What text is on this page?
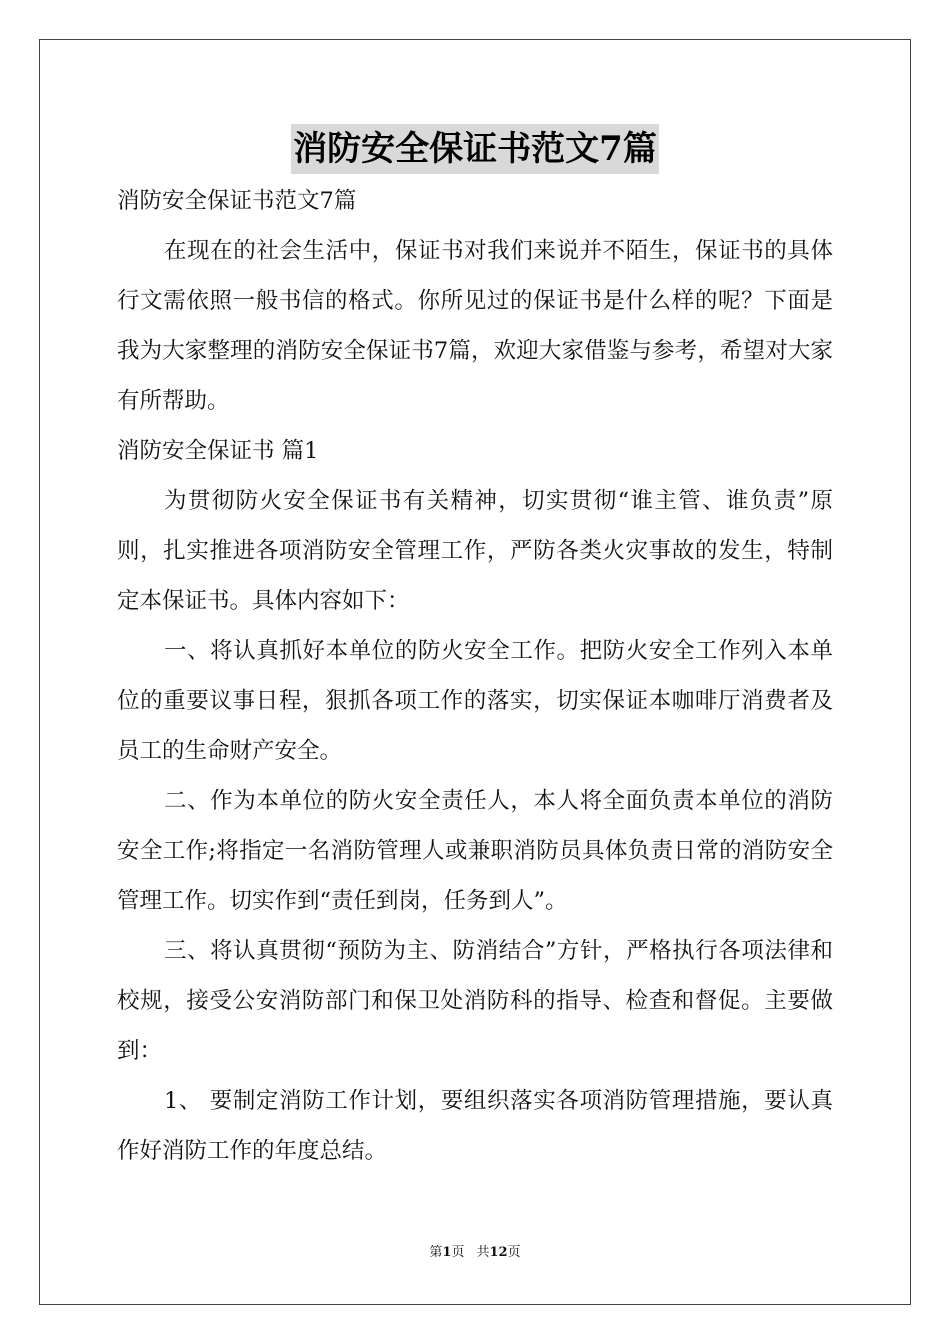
消防安全保证书范文7篇

消防安全保证书范文7篇

在现在的社会生活中，保证书对我们来说并不陌生，保证书的具体行文需依照一般书信的格式。你所见过的保证书是什么样的呢？下面是我为大家整理的消防安全保证书7篇，欢迎大家借鉴与参考，希望对大家有所帮助。

消防安全保证书 篇1

为贯彻防火安全保证书有关精神，切实贯彻“谁主管、谁负责”原则，扎实推进各项消防安全管理工作，严防各类火灾事故的发生，特制定本保证书。具体内容如下：

一、将认真抓好本单位的防火安全工作。把防火安全工作列入本单位的重要议事日程，狠抓各项工作的落实，切实保证本咖啡厅消费者及员工的生命财产安全。

二、作为本单位的防火安全责任人，本人将全面负责本单位的消防安全工作;将指定一名消防管理人或兼职消防员具体负责日常的消防安全管理工作。切实作到“责任到岗，任务到人”。

三、将认真贯彻“预防为主、防消结合”方针，严格执行各项法律和校规，接受公安消防部门和保卫处消防科的指导、检查和督促。主要做到：

1、 要制定消防工作计划，要组织落实各项消防管理措施，要认真作好消防工作的年度总结。

第1页 共12页
